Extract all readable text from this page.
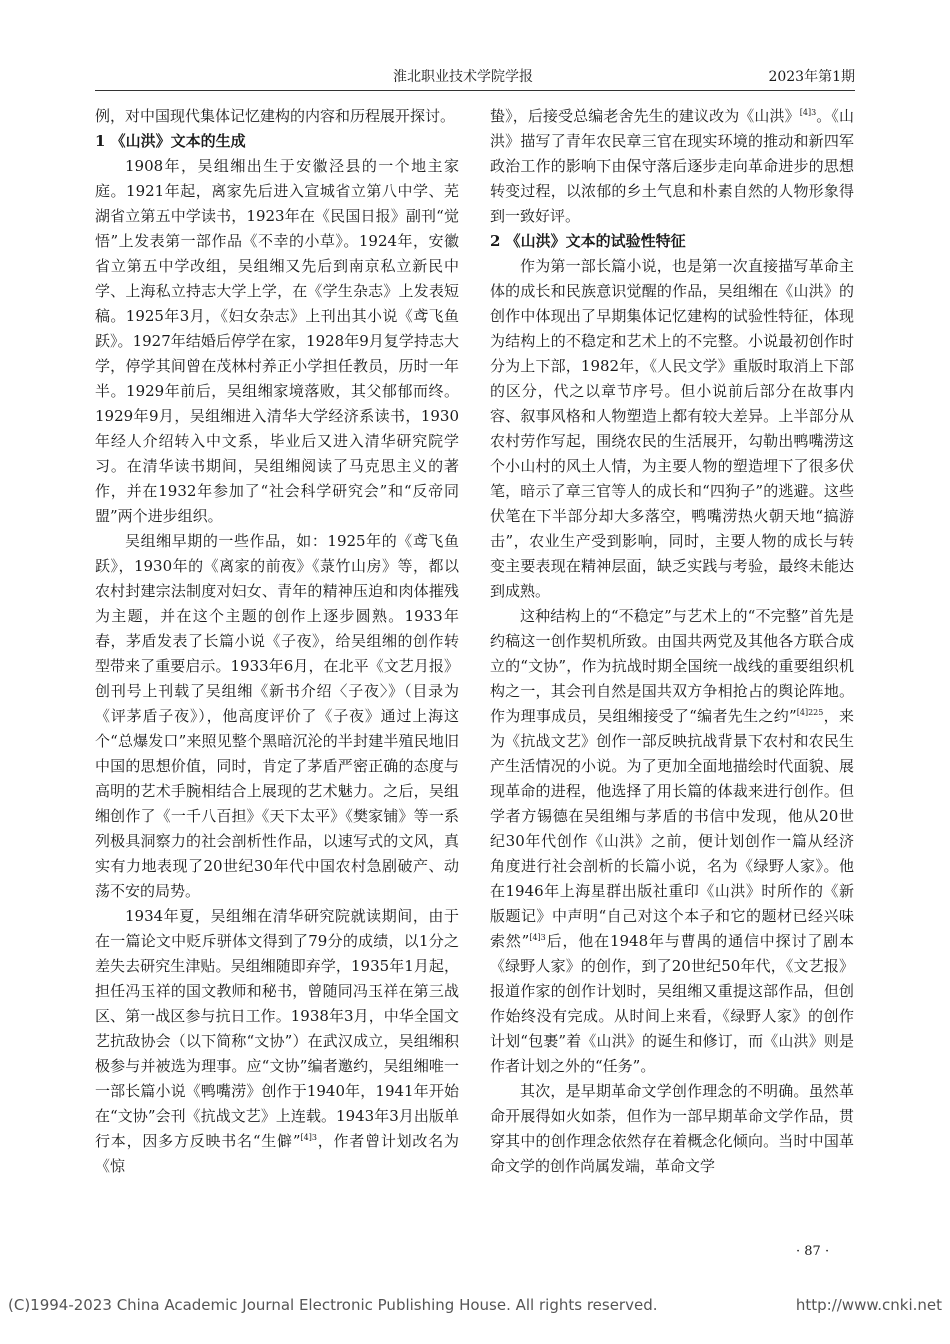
淮北职业技术学院学报	2023年第1期

例，对中国现代集体记忆建构的内容和历程展开探讨。

1 《山洪》文本的生成

1908年，吴组缃出生于安徽泾县的一个地主家庭。1921年起，离家先后进入宣城省立第八中学、芜湖省立第五中学读书，1923年在《民国日报》副刊“觉悟”上发表第一部作品《不幸的小草》。1924年，安徽省立第五中学改组，吴组缃又先后到南京私立新民中学、上海私立持志大学上学，在《学生杂志》上发表短稿。1925年3月，《妇女杂志》上刊出其小说《鸢飞鱼跃》。1927年结婚后停学在家，1928年9月复学持志大学，停学其间曾在茂林村养正小学担任教员，历时一年半。1929年前后，吴组缃家境落败，其父郁郁而终。1929年9月，吴组缃进入清华大学经济系读书，1930年经人介绍转入中文系，毕业后又进入清华研究院学习。在清华读书期间，吴组缃阅读了马克思主义的著作，并在1932年参加了“社会科学研究会”和“反帝同盟”两个进步组织。

吴组缃早期的一些作品，如：1925年的《鸢飞鱼跃》，1930年的《离家的前夜》《菉竹山房》等，都以农村封建宗法制度对妇女、青年的精神压迫和肉体摧残为主题，并在这个主题的创作上逐步圆熟。1933年春，茅盾发表了长篇小说《子夜》，给吴组缃的创作转型带来了重要启示。1933年6月，在北平《文艺月报》创刊号上刊载了吴组缃《新书介绍〈子夜〉》（目录为《评茅盾子夜》），他高度评价了《子夜》通过上海这个“总爆发口”来照见整个黑暗沉沦的半封建半殖民地旧中国的思想价值，同时，肯定了茅盾严密正确的态度与高明的艺术手腕相结合上展现的艺术魅力。之后，吴组缃创作了《一千八百担》《天下太平》《樊家铺》等一系列极具洞察力的社会剖析性作品，以速写式的文风，真实有力地表现了20世纪30年代中国农村急剧破产、动荡不安的局势。

1934年夏，吴组缃在清华研究院就读期间，由于在一篇论文中贬斥骈体文得到了79分的成绩，以1分之差失去研究生津贴。吴组缃随即弃学，1935年1月起，担任冯玉祥的国文教师和秘书，曾随同冯玉祥在第三战区、第一战区参与抗日工作。1938年3月，中华全国文艺抗敌协会（以下简称“文协”）在武汉成立，吴组缃积极参与并被选为理事。应“文协”编者邀约，吴组缃唯一一部长篇小说《鸭嘴涝》创作于1940年，1941年开始在“文协”会刊《抗战文艺》上连载。1943年3月出版单行本，因多方反映书名“生僻”$^{[4]3}$，作者曾计划改名为《惊

蛰》，后接受总编老舍先生的建议改为《山洪》$^{[4]3}$。《山洪》描写了青年农民章三官在现实环境的推动和新四军政治工作的影响下由保守落后逐步走向革命进步的思想转变过程，以浓郁的乡土气息和朴素自然的人物形象得到一致好评。

2 《山洪》文本的试验性特征

作为第一部长篇小说，也是第一次直接描写革命主体的成长和民族意识觉醒的作品，吴组缃在《山洪》的创作中体现出了早期集体记忆建构的试验性特征，体现为结构上的不稳定和艺术上的不完整。小说最初创作时分为上下部，1982年，《人民文学》重版时取消上下部的区分，代之以章节序号。但小说前后部分在故事内容、叙事风格和人物塑造上都有较大差异。上半部分从农村劳作写起，围绕农民的生活展开，勾勒出鸭嘴涝这个小山村的风土人情，为主要人物的塑造埋下了很多伏笔，暗示了章三官等人的成长和“四狗子”的逃避。这些伏笔在下半部分却大多落空，鸭嘴涝热火朝天地“搞游击”，农业生产受到影响，同时，主要人物的成长与转变主要表现在精神层面，缺乏实践与考验，最终未能达到成熟。

这种结构上的“不稳定”与艺术上的“不完整”首先是约稿这一创作契机所致。由国共两党及其他各方联合成立的“文协”，作为抗战时期全国统一战线的重要组织机构之一，其会刊自然是国共双方争相抢占的舆论阵地。作为理事成员，吴组缃接受了“编者先生之约”$^{[4]225}$，来为《抗战文艺》创作一部反映抗战背景下农村和农民生产生活情况的小说。为了更加全面地描绘时代面貌、展现革命的进程，他选择了用长篇的体裁来进行创作。但学者方锡德在吴组缃与茅盾的书信中发现，他从20世纪30年代创作《山洪》之前，便计划创作一篇从经济角度进行社会剖析的长篇小说，名为《绿野人家》。他在1946年上海星群出版社重印《山洪》时所作的《新版题记》中声明“自己对这个本子和它的题材已经兴味索然”$^{[4]3}$后，他在1948年与曹禺的通信中探讨了剧本《绿野人家》的创作，到了20世纪50年代，《文艺报》报道作家的创作计划时，吴组缃又重提这部作品，但创作始终没有完成。从时间上来看，《绿野人家》的创作计划“包裹”着《山洪》的诞生和修订，而《山洪》则是作者计划之外的“任务”。

其次，是早期革命文学创作理念的不明确。虽然革命开展得如火如荼，但作为一部早期革命文学作品，贯穿其中的创作理念依然存在着概念化倾向。当时中国革命文学的创作尚属发端，革命文学

· 87 ·
(C)1994-2023 China Academic Journal Electronic Publishing House. All rights reserved.	http://www.cnki.net
